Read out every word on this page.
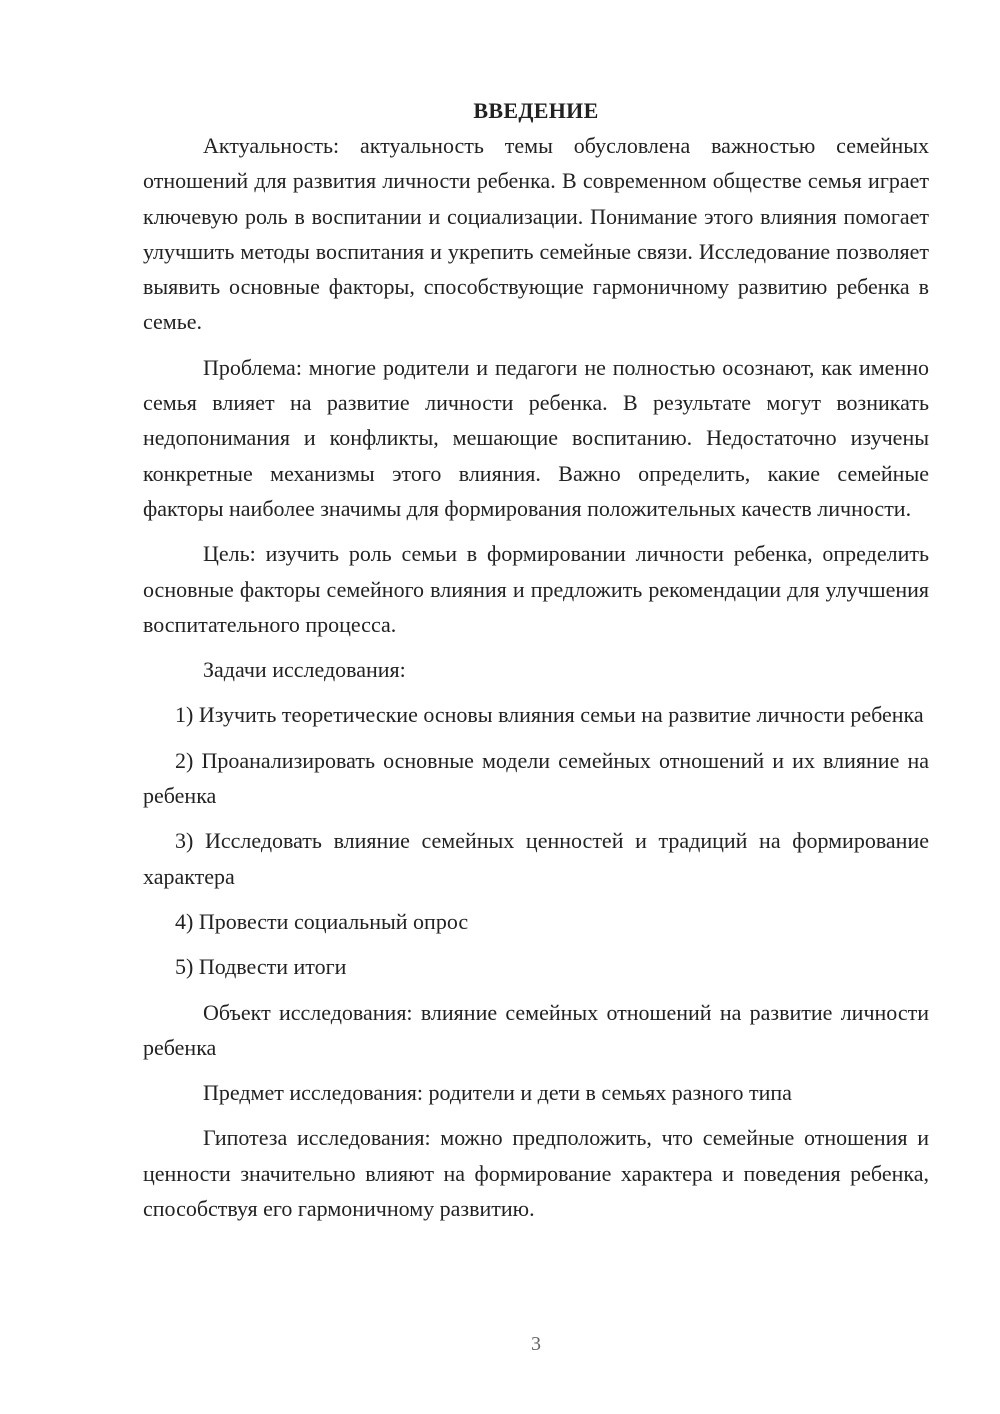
ВВЕДЕНИЕ

Актуальность: актуальность темы обусловлена важностью семейных отношений для развития личности ребенка. В современном обществе семья играет ключевую роль в воспитании и социализации. Понимание этого влияния помогает улучшить методы воспитания и укрепить семейные связи. Исследование позволяет выявить основные факторы, способствующие гармоничному развитию ребенка в семье.

Проблема: многие родители и педагоги не полностью осознают, как именно семья влияет на развитие личности ребенка. В результате могут возникать недопонимания и конфликты, мешающие воспитанию. Недостаточно изучены конкретные механизмы этого влияния. Важно определить, какие семейные факторы наиболее значимы для формирования положительных качеств личности.

Цель: изучить роль семьи в формировании личности ребенка, определить основные факторы семейного влияния и предложить рекомендации для улучшения воспитательного процесса.

Задачи исследования:

1) Изучить теоретические основы влияния семьи на развитие личности ребенка

2) Проанализировать основные модели семейных отношений и их влияние на ребенка

3) Исследовать влияние семейных ценностей и традиций на формирование характера

4) Провести социальный опрос

5) Подвести итоги

Объект исследования: влияние семейных отношений на развитие личности ребенка

Предмет исследования: родители и дети в семьях разного типа

Гипотеза исследования: можно предположить, что семейные отношения и ценности значительно влияют на формирование характера и поведения ребенка, способствуя его гармоничному развитию.

3
